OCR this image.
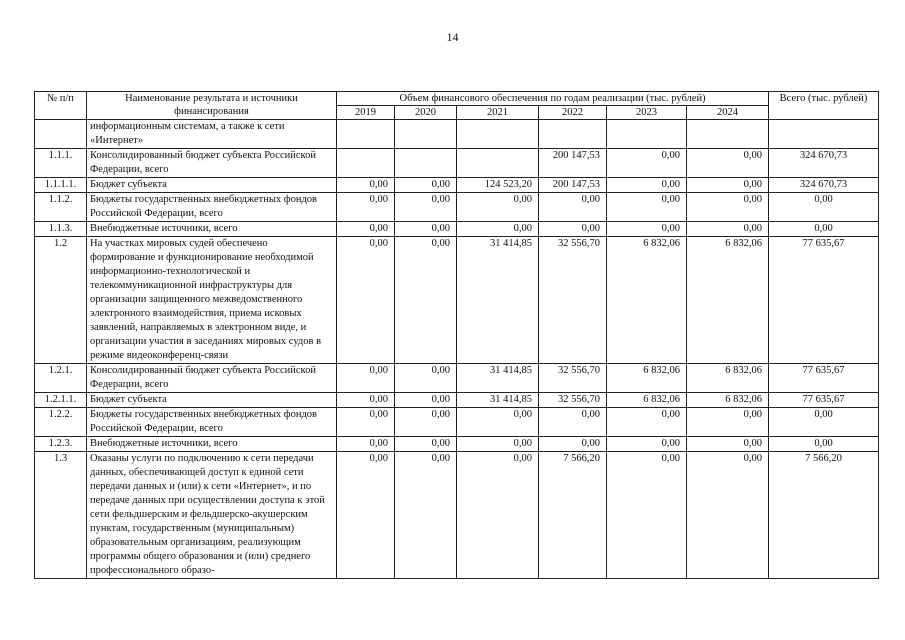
14
№ п/п	Наименование результата и источники финансирования	Объем финансового обеспечения по годам реализации (тыс. рублей)						Всего (тыс. рублей)
		2019	2020	2021	2022	2023	2024	
	информационным системам, а также к сети «Интернет»							
1.1.1.	Консолидированный бюджет субъекта Российской Федерации, всего				200 147,53	0,00	0,00	324 670,73
1.1.1.1.	Бюджет субъекта	0,00	0,00	124 523,20	200 147,53	0,00	0,00	324 670,73
1.1.2.	Бюджеты государственных внебюджетных фондов Российской Федерации, всего	0,00	0,00	0,00	0,00	0,00	0,00	0,00
1.1.3.	Внебюджетные источники, всего	0,00	0,00	0,00	0,00	0,00	0,00	0,00
1.2	На участках мировых судей обеспечено формирование и функционирование необходимой информационно-технологической и телекоммуникационной инфраструктуры для организации защищенного межведомственного электронного взаимодействия, приема исковых заявлений, направляемых в электронном виде, и организации участия в заседаниях мировых судов в режиме видеоконференц-связи	0,00	0,00	31 414,85	32 556,70	6 832,06	6 832,06	77 635,67
1.2.1.	Консолидированный бюджет субъекта Российской Федерации, всего	0,00	0,00	31 414,85	32 556,70	6 832,06	6 832,06	77 635,67
1.2.1.1.	Бюджет субъекта	0,00	0,00	31 414,85	32 556,70	6 832,06	6 832,06	77 635,67
1.2.2.	Бюджеты государственных внебюджетных фондов Российской Федерации, всего	0,00	0,00	0,00	0,00	0,00	0,00	0,00
1.2.3.	Внебюджетные источники, всего	0,00	0,00	0,00	0,00	0,00	0,00	0,00
1.3	Оказаны услуги по подключению к сети передачи данных, обеспечивающей доступ к единой сети передачи данных и (или) к сети «Интернет», и по передаче данных при осуществлении доступа к этой сети фельдшерским и фельдшерско-акушерским пунктам, государственным (муниципальным) образовательным организациям, реализующим программы общего образования и (или) среднего профессионального образо-	0,00	0,00	0,00	7 566,20	0,00	0,00	7 566,20
